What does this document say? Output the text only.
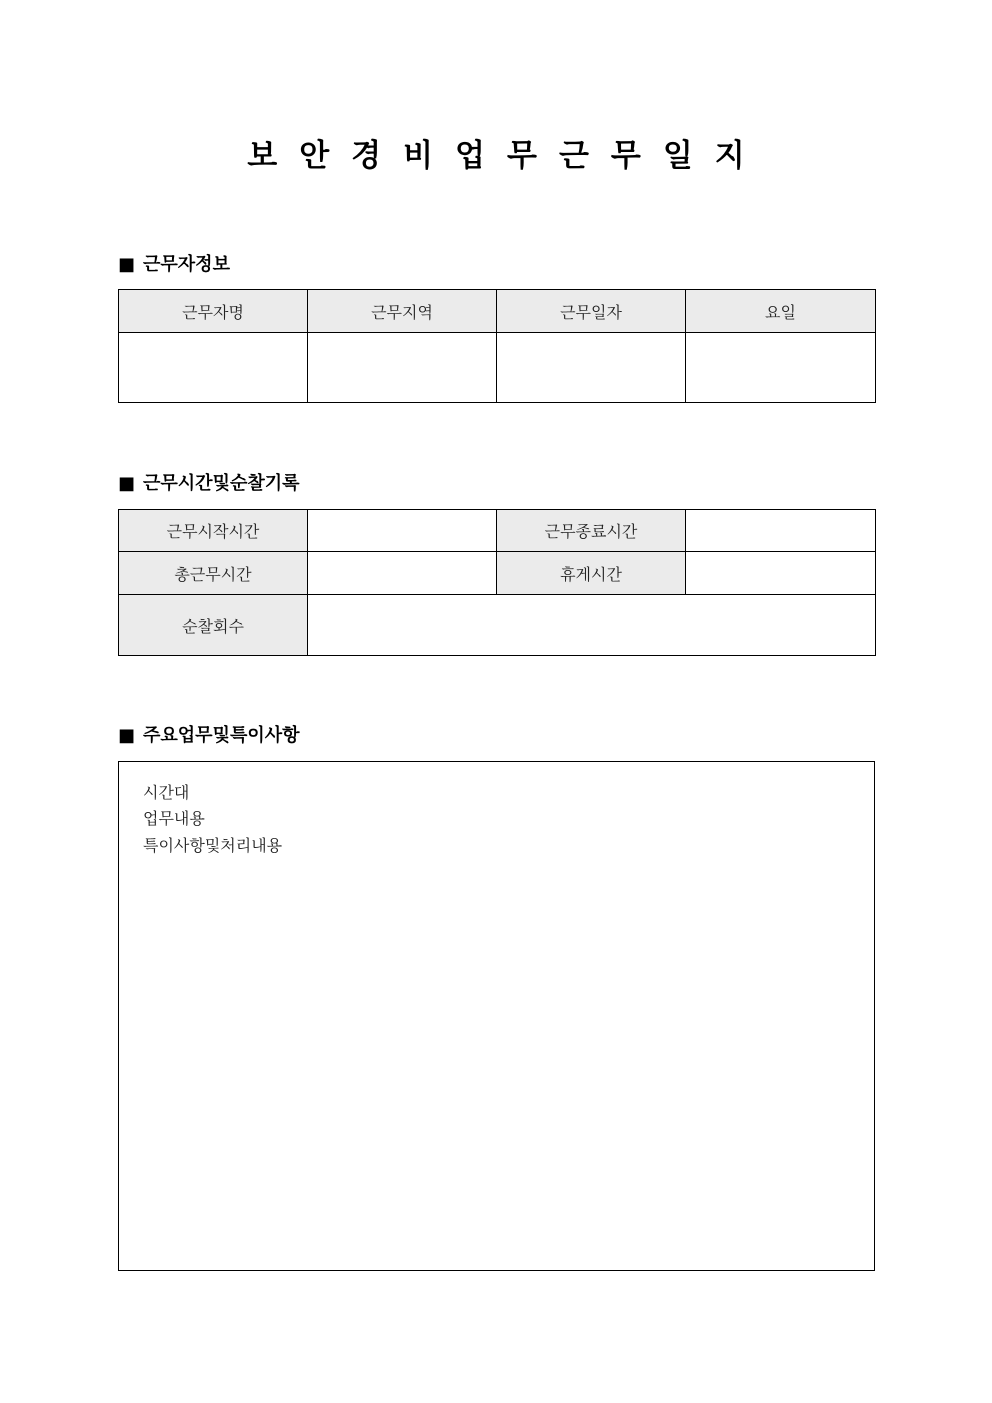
보안경비업무근무일지
■ 근무자정보
근무자명	근무지역	근무일자	요일

■ 근무시간및순찰기록
근무시작시간		근무종료시간	
총근무시간		휴게시간	
순찰회수			
■ 주요업무및특이사항
시간대
업무내용
특이사항및처리내용
